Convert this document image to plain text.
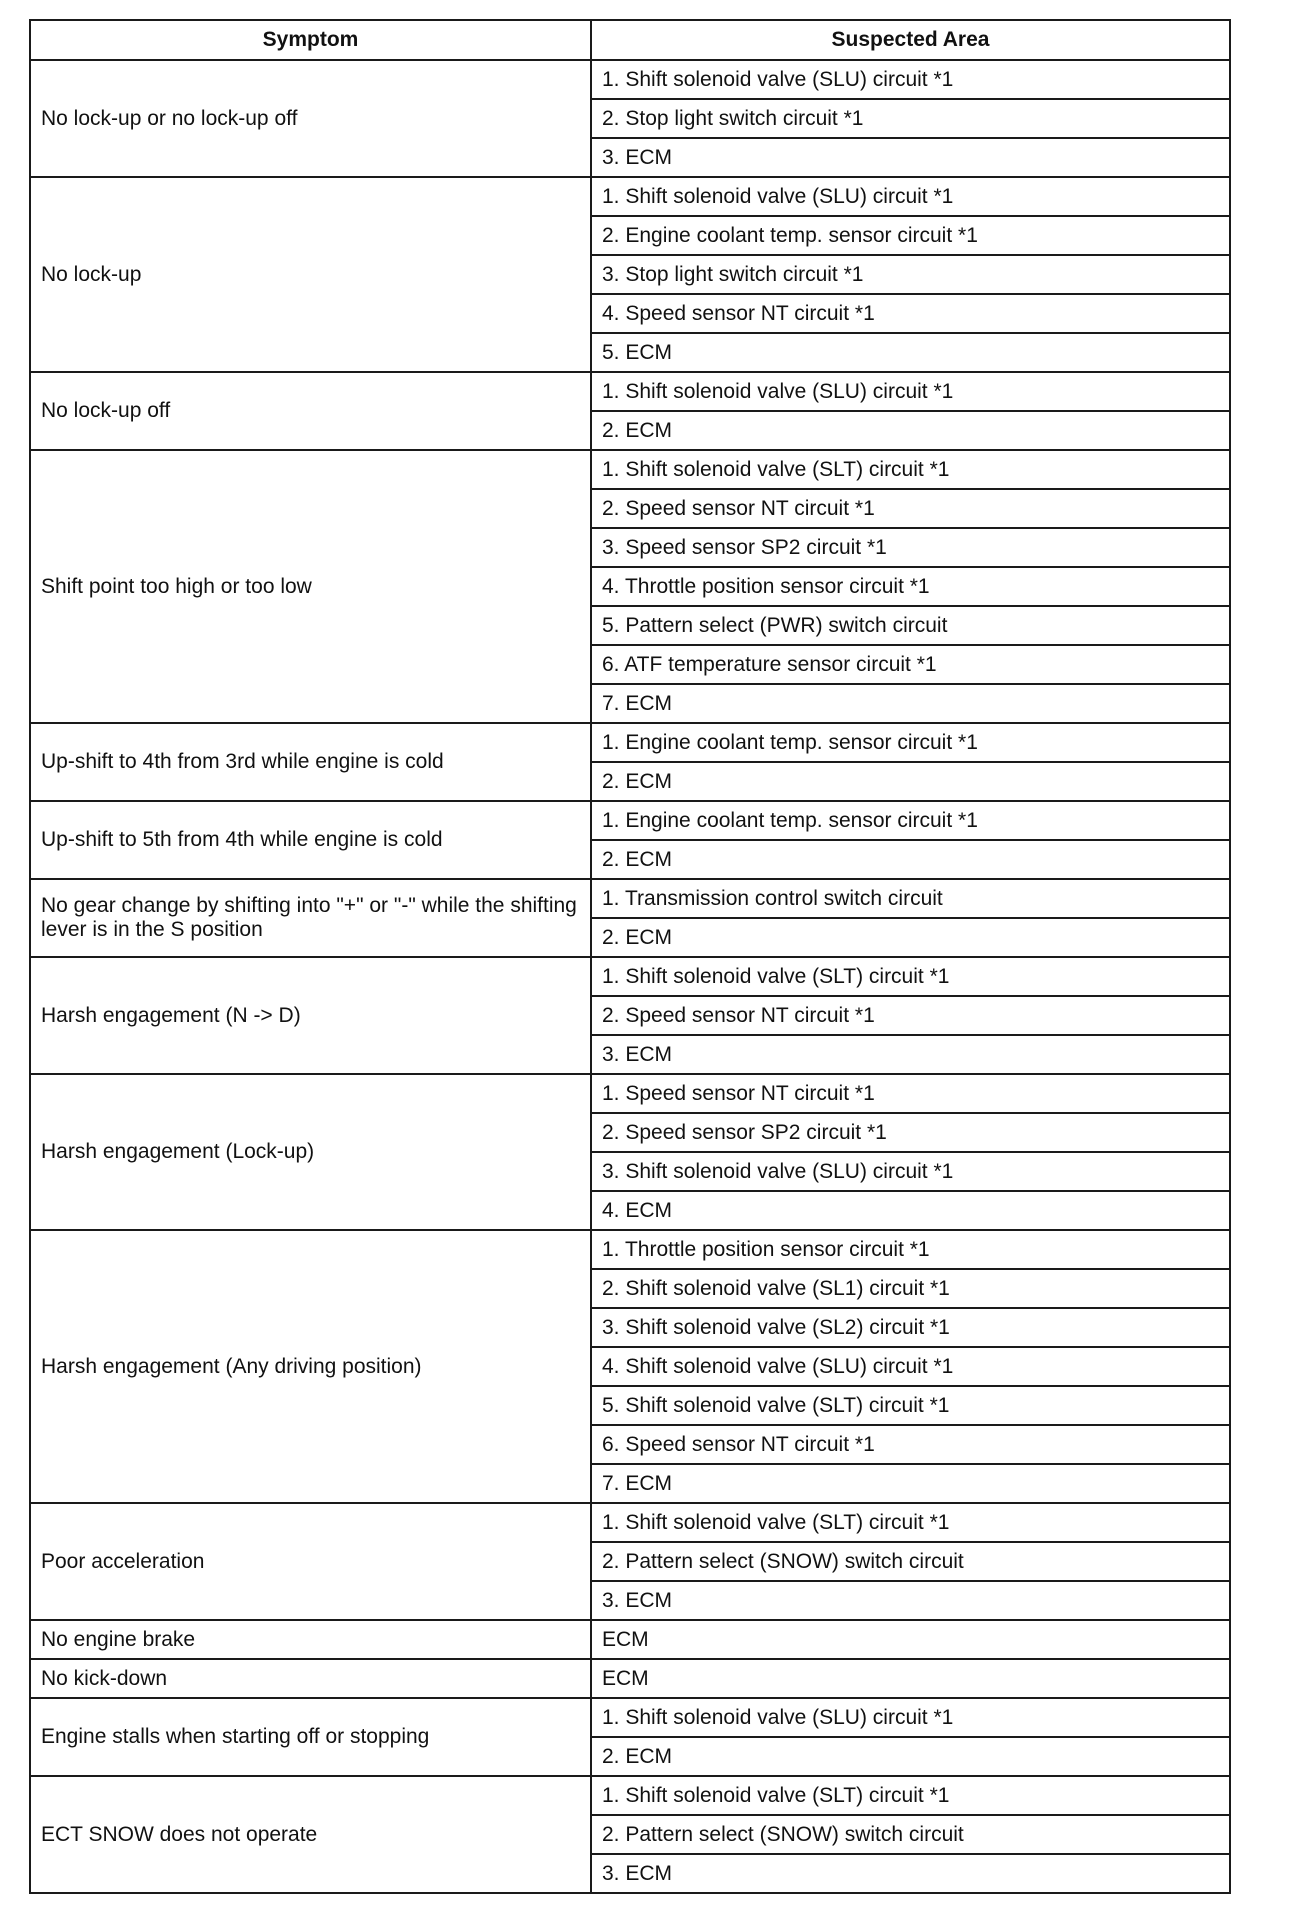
Symptom	Suspected Area
No lock-up or no lock-up off	1. Shift solenoid valve (SLU) circuit *1
	2. Stop light switch circuit *1
	3. ECM
No lock-up	1. Shift solenoid valve (SLU) circuit *1
	2. Engine coolant temp. sensor circuit *1
	3. Stop light switch circuit *1
	4. Speed sensor NT circuit *1
	5. ECM
No lock-up off	1. Shift solenoid valve (SLU) circuit *1
	2. ECM
Shift point too high or too low	1. Shift solenoid valve (SLT) circuit *1
	2. Speed sensor NT circuit *1
	3. Speed sensor SP2 circuit *1
	4. Throttle position sensor circuit *1
	5. Pattern select (PWR) switch circuit
	6. ATF temperature sensor circuit *1
	7. ECM
Up-shift to 4th from 3rd while engine is cold	1. Engine coolant temp. sensor circuit *1
	2. ECM
Up-shift to 5th from 4th while engine is cold	1. Engine coolant temp. sensor circuit *1
	2. ECM
No gear change by shifting into "+" or "-" while the shifting lever is in the S position	1. Transmission control switch circuit
	2. ECM
Harsh engagement (N -> D)	1. Shift solenoid valve (SLT) circuit *1
	2. Speed sensor NT circuit *1
	3. ECM
Harsh engagement (Lock-up)	1. Speed sensor NT circuit *1
	2. Speed sensor SP2 circuit *1
	3. Shift solenoid valve (SLU) circuit *1
	4. ECM
Harsh engagement (Any driving position)	1. Throttle position sensor circuit *1
	2. Shift solenoid valve (SL1) circuit *1
	3. Shift solenoid valve (SL2) circuit *1
	4. Shift solenoid valve (SLU) circuit *1
	5. Shift solenoid valve (SLT) circuit *1
	6. Speed sensor NT circuit *1
	7. ECM
Poor acceleration	1. Shift solenoid valve (SLT) circuit *1
	2. Pattern select (SNOW) switch circuit
	3. ECM
No engine brake	ECM
No kick-down	ECM
Engine stalls when starting off or stopping	1. Shift solenoid valve (SLU) circuit *1
	2. ECM
ECT SNOW does not operate	1. Shift solenoid valve (SLT) circuit *1
	2. Pattern select (SNOW) switch circuit
	3. ECM
